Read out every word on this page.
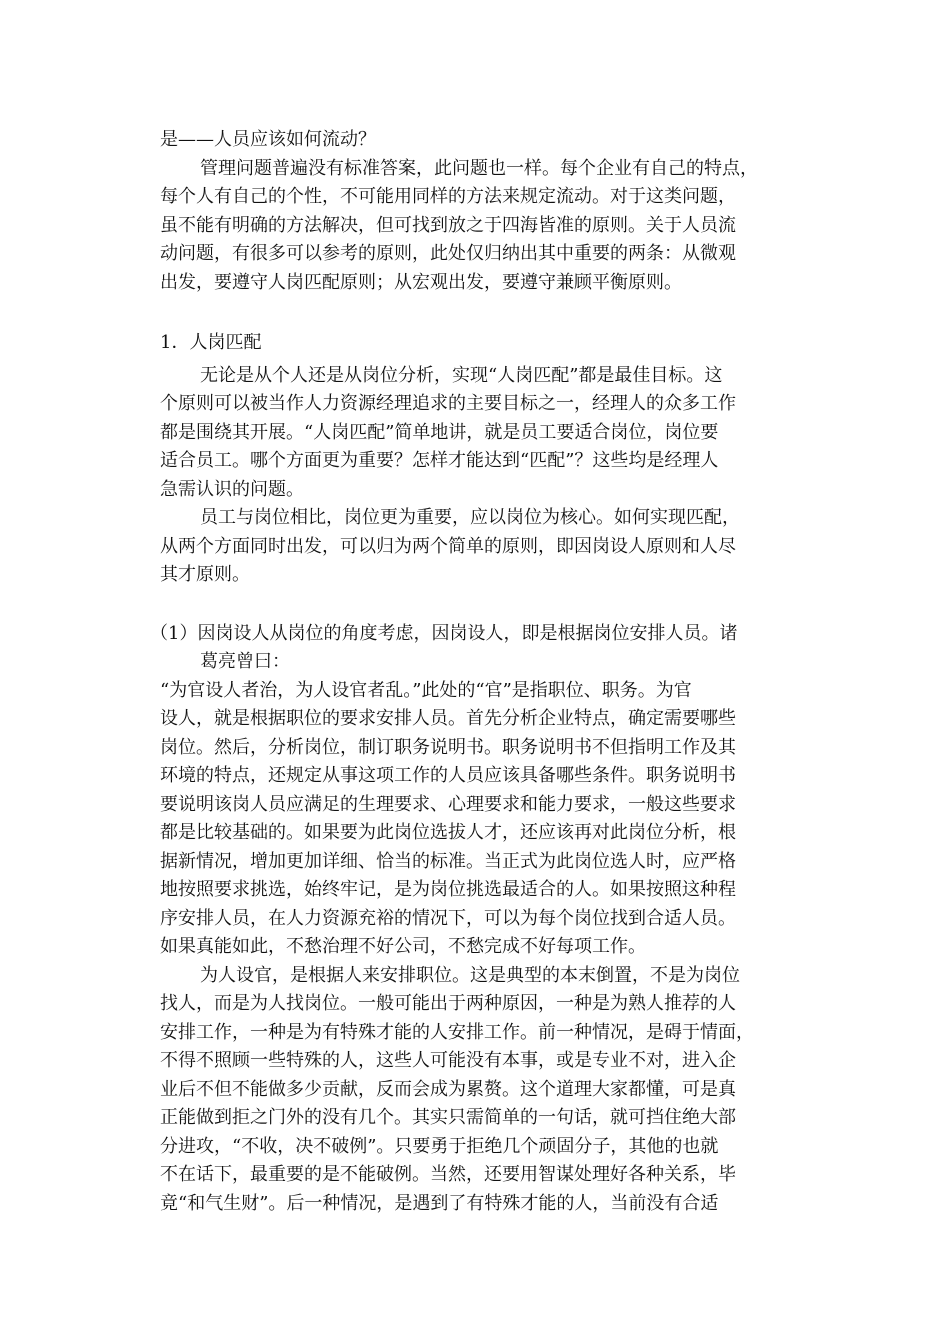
是——人员应该如何流动？

管理问题普遍没有标准答案，此问题也一样。每个企业有自己的特点，
每个人有自己的个性，不可能用同样的方法来规定流动。对于这类问题，
虽不能有明确的方法解决，但可找到放之于四海皆准的原则。关于人员流
动问题，有很多可以参考的原则，此处仅归纳出其中重要的两条：从微观
出发，要遵守人岗匹配原则；从宏观出发，要遵守兼顾平衡原则。

1．人岗匹配

无论是从个人还是从岗位分析，实现“人岗匹配”都是最佳目标。这
个原则可以被当作人力资源经理追求的主要目标之一，经理人的众多工作
都是围绕其开展。“人岗匹配”简单地讲，就是员工要适合岗位，岗位要
适合员工。哪个方面更为重要？怎样才能达到“匹配”？这些均是经理人
急需认识的问题。

员工与岗位相比，岗位更为重要，应以岗位为核心。如何实现匹配，
从两个方面同时出发，可以归为两个简单的原则，即因岗设人原则和人尽
其才原则。

（1）因岗设人从岗位的角度考虑，因岗设人，即是根据岗位安排人员。诸
葛亮曾曰：

“为官设人者治，为人设官者乱。”此处的“官”是指职位、职务。为官
设人，就是根据职位的要求安排人员。首先分析企业特点，确定需要哪些
岗位。然后，分析岗位，制订职务说明书。职务说明书不但指明工作及其
环境的特点，还规定从事这项工作的人员应该具备哪些条件。职务说明书
要说明该岗人员应满足的生理要求、心理要求和能力要求，一般这些要求
都是比较基础的。如果要为此岗位选拔人才，还应该再对此岗位分析，根
据新情况，增加更加详细、恰当的标准。当正式为此岗位选人时，应严格
地按照要求挑选，始终牢记，是为岗位挑选最适合的人。如果按照这种程
序安排人员，在人力资源充裕的情况下，可以为每个岗位找到合适人员。
如果真能如此，不愁治理不好公司，不愁完成不好每项工作。

为人设官，是根据人来安排职位。这是典型的本末倒置，不是为岗位
找人，而是为人找岗位。一般可能出于两种原因，一种是为熟人推荐的人
安排工作，一种是为有特殊才能的人安排工作。前一种情况，是碍于情面，
不得不照顾一些特殊的人，这些人可能没有本事，或是专业不对，进入企
业后不但不能做多少贡献，反而会成为累赘。这个道理大家都懂，可是真
正能做到拒之门外的没有几个。其实只需简单的一句话，就可挡住绝大部
分进攻，“不收，决不破例”。只要勇于拒绝几个顽固分子，其他的也就
不在话下，最重要的是不能破例。当然，还要用智谋处理好各种关系，毕
竟“和气生财”。后一种情况，是遇到了有特殊才能的人，当前没有合适
